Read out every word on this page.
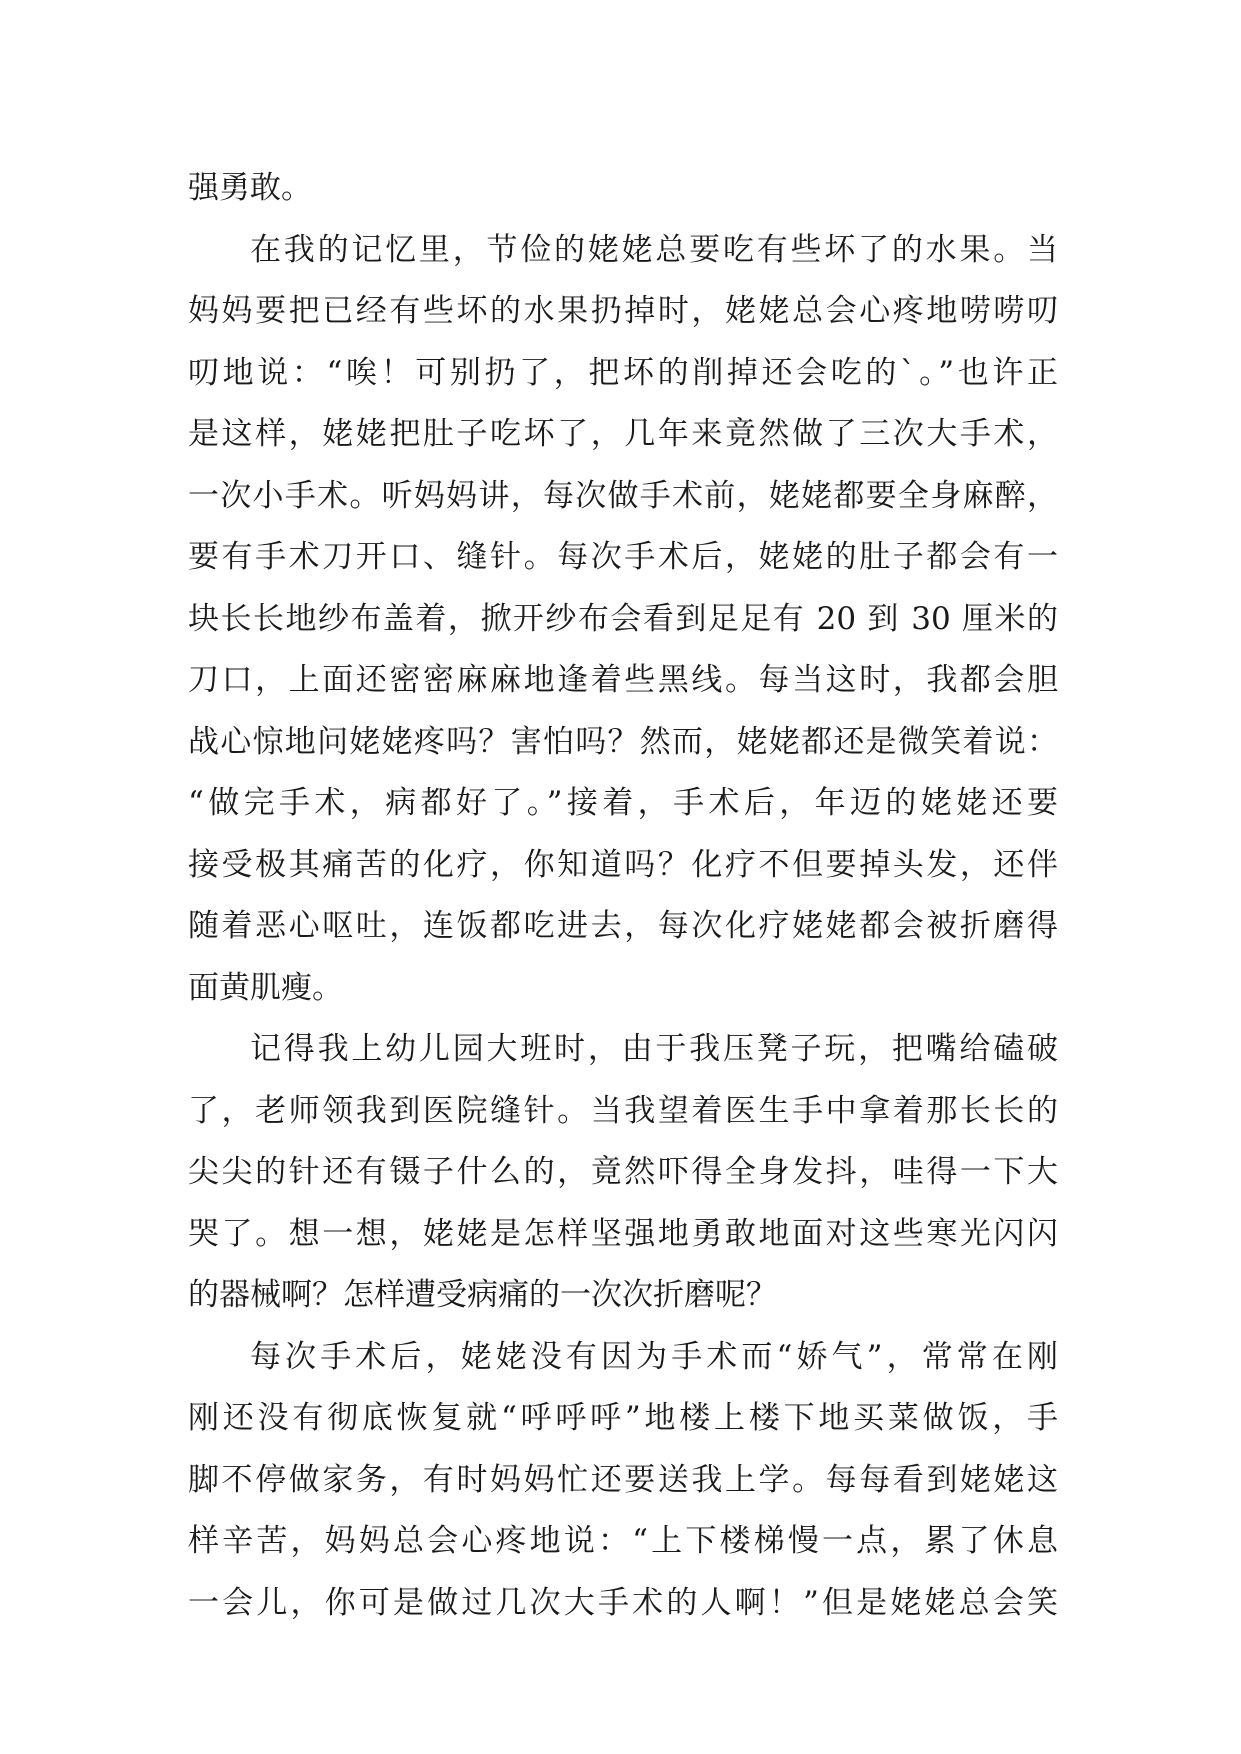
强勇敢。
在我的记忆里，节俭的姥姥总要吃有些坏了的水果。当
妈妈要把已经有些坏的水果扔掉时，姥姥总会心疼地唠唠叨
叨地说：“唉！可别扔了，把坏的削掉还会吃的`。”也许正
是这样，姥姥把肚子吃坏了，几年来竟然做了三次大手术，
一次小手术。听妈妈讲，每次做手术前，姥姥都要全身麻醉，
要有手术刀开口、缝针。每次手术后，姥姥的肚子都会有一
块长长地纱布盖着，掀开纱布会看到足足有 20 到 30 厘米的
刀口，上面还密密麻麻地逢着些黑线。每当这时，我都会胆
战心惊地问姥姥疼吗？害怕吗？然而，姥姥都还是微笑着说：
“做完手术，病都好了。”接着，手术后，年迈的姥姥还要
接受极其痛苦的化疗，你知道吗？化疗不但要掉头发，还伴
随着恶心呕吐，连饭都吃进去，每次化疗姥姥都会被折磨得
面黄肌瘦。
记得我上幼儿园大班时，由于我压凳子玩，把嘴给磕破
了，老师领我到医院缝针。当我望着医生手中拿着那长长的
尖尖的针还有镊子什么的，竟然吓得全身发抖，哇得一下大
哭了。想一想，姥姥是怎样坚强地勇敢地面对这些寒光闪闪
的器械啊？怎样遭受病痛的一次次折磨呢？
每次手术后，姥姥没有因为手术而“娇气”，常常在刚
刚还没有彻底恢复就“呼呼呼”地楼上楼下地买菜做饭，手
脚不停做家务，有时妈妈忙还要送我上学。每每看到姥姥这
样辛苦，妈妈总会心疼地说：“上下楼梯慢一点，累了休息
一会儿，你可是做过几次大手术的人啊！”但是姥姥总会笑
